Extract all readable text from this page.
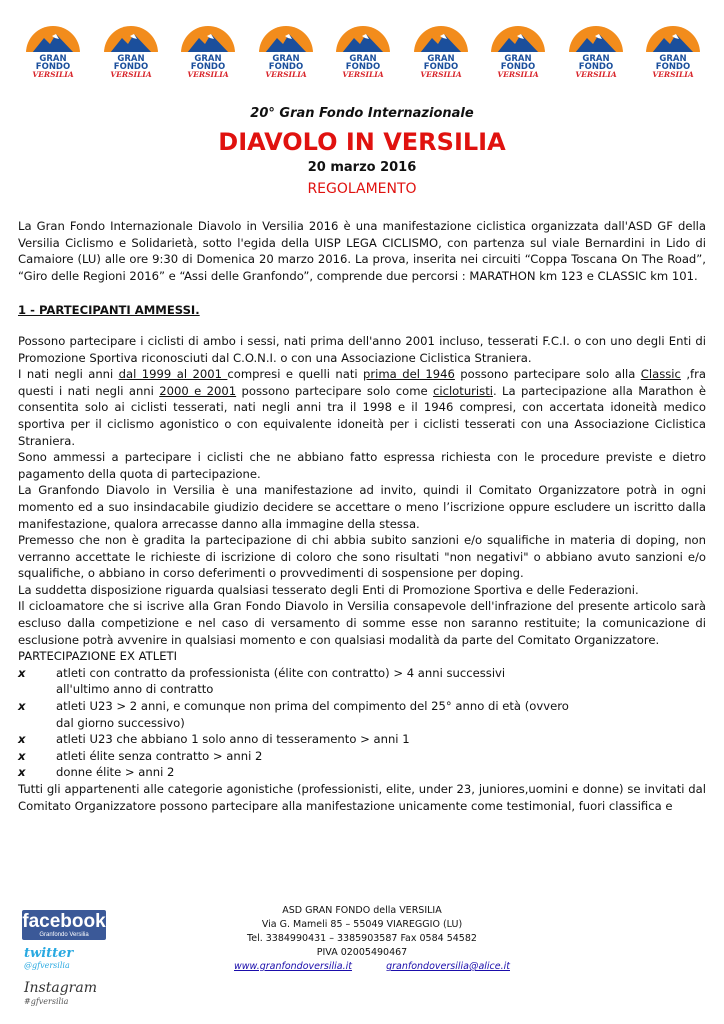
GRAN
FONDO
VERSILIA
GRAN
FONDO
VERSILIA
GRAN
FONDO
VERSILIA
GRAN
FONDO
VERSILIA
GRAN
FONDO
VERSILIA
GRAN
FONDO
VERSILIA
GRAN
FONDO
VERSILIA
GRAN
FONDO
VERSILIA
GRAN
FONDO
VERSILIA
20° Gran Fondo Internazionale
DIAVOLO IN VERSILIA
20 marzo 2016
REGOLAMENTO

La Gran Fondo Internazionale Diavolo in Versilia 2016 è una manifestazione ciclistica organizzata dall'ASD GF della Versilia Ciclismo e Solidarietà, sotto l'egida della UISP LEGA CICLISMO, con partenza sul viale Bernardini in Lido di Camaiore (LU) alle ore 9:30 di Domenica 20 marzo 2016. La prova, inserita nei circuiti “Coppa Toscana On The Road”, “Giro delle Regioni 2016” e “Assi delle Granfondo”, comprende due percorsi : MARATHON km 123 e CLASSIC km 101.

1 - PARTECIPANTI AMMESSI.

Possono partecipare i ciclisti di ambo i sessi, nati prima dell'anno 2001 incluso, tesserati F.C.I. o con uno degli Enti di Promozione Sportiva riconosciuti dal C.O.N.I. o con una Associazione Ciclistica Straniera.

I nati negli anni dal 1999 al 2001 compresi e quelli nati prima del 1946 possono partecipare solo alla Classic ,fra questi i nati negli anni 2000 e 2001 possono partecipare solo come cicloturisti. La partecipazione alla Marathon è consentita solo ai ciclisti tesserati, nati negli anni tra il 1998 e il 1946 compresi, con accertata idoneità medico sportiva per il ciclismo agonistico o con equivalente idoneità per i ciclisti tesserati con una Associazione Ciclistica Straniera.

Sono ammessi a partecipare i ciclisti che ne abbiano fatto espressa richiesta con le procedure previste e dietro pagamento della quota di partecipazione.

La Granfondo Diavolo in Versilia è una manifestazione ad invito, quindi il Comitato Organizzatore potrà in ogni momento ed a suo insindacabile giudizio decidere se accettare o meno l’iscrizione oppure escludere un iscritto dalla manifestazione, qualora arrecasse danno alla immagine della stessa.

Premesso che non è gradita la partecipazione di chi abbia subito sanzioni e/o squalifiche in materia di doping, non verranno accettate le richieste di iscrizione di coloro che sono risultati "non negativi" o abbiano avuto sanzioni e/o squalifiche, o abbiano in corso deferimenti o provvedimenti di sospensione per doping.

La suddetta disposizione riguarda qualsiasi tesserato degli Enti di Promozione Sportiva e delle Federazioni.

Il cicloamatore che si iscrive alla Gran Fondo Diavolo in Versilia consapevole dell'infrazione del presente articolo sarà escluso dalla competizione e nel caso di versamento di somme esse non saranno restituite; la comunicazione di esclusione potrà avvenire in qualsiasi momento e con qualsiasi modalità da parte del Comitato Organizzatore.

PARTECIPAZIONE EX ATLETI

x	atleti con contratto da professionista (élite con contratto) > 4 anni successivi
all'ultimo anno di contratto
x	atleti U23 > 2 anni, e comunque non prima del compimento del 25° anno di età (ovvero
dal giorno successivo)
x	atleti U23 che abbiano 1 solo anno di tesseramento > anni 1
x	atleti élite senza contratto > anni 2
x	donne élite > anni 2

Tutti gli appartenenti alle categorie agonistiche (professionisti, elite, under 23, juniores,uomini e donne) se invitati dal Comitato Organizzatore possono partecipare alla manifestazione unicamente come testimonial, fuori classifica e

facebook
Granfondo Versilia
twitter
@gfversilia
Instagram
#gfversilia
ASD GRAN FONDO della VERSILIA
Via G. Mameli 85 – 55049 VIAREGGIO (LU)
Tel. 3384990431 – 3385903587 Fax 0584 54582
PIVA 02005490467
www.granfondoversilia.it	granfondoversilia@alice.it
